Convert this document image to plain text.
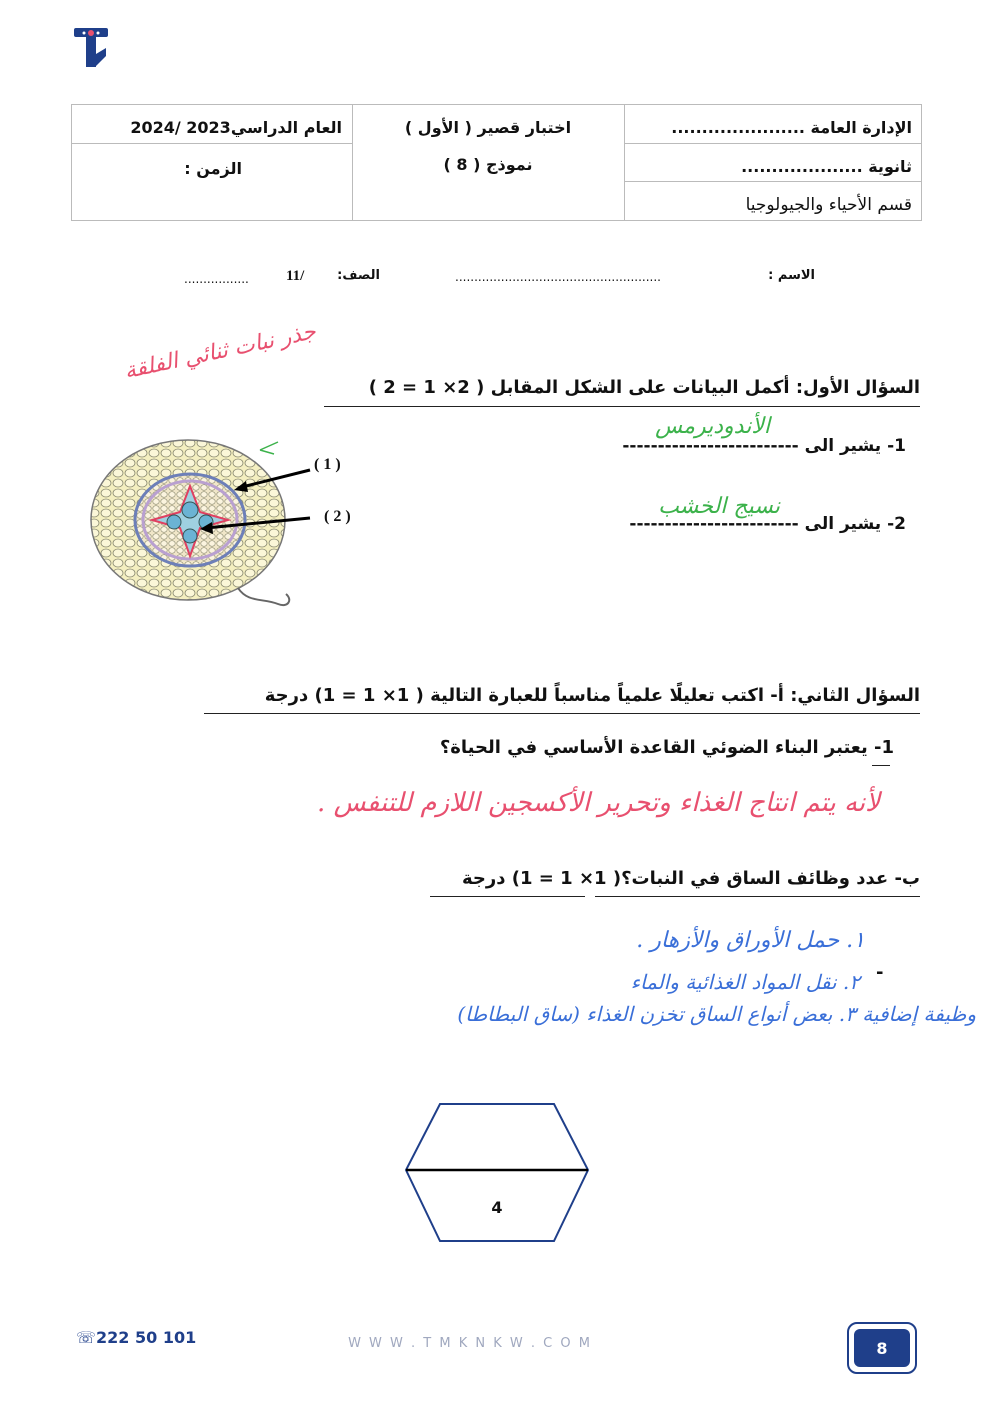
الإدارة العامة ......................
ثانوية ....................
قسم الأحياء والجيولوجيا
اختبار قصير ( الأول )
نموذج ( 8 )
العام الدراسي2023 /2024
الزمن :
الاسم :
......................................................
الصف:
11/
.................
جذر نبات ثنائي الفلقة
السؤال الأول: أكمل البيانات على الشكل المقابل ( 2× 1 = 2 )
الأندوديرمس
1- يشير الى -------------------------
نسيج الخشب
2- يشير الى ------------------------
( 1 )
( 2 )
السؤال الثاني: أ- اكتب تعليلًا علمياً مناسباً للعبارة التالية ( 1× 1 = 1) درجة
1- يعتبر البناء الضوئي القاعدة الأساسي في الحياة؟
لأنه يتم انتاج الغذاء وتحرير الأكسجين اللازم للتنفس .
ب- عدد وظائف الساق في النبات؟( 1× 1 = 1) درجة
١. حمل الأوراق والأزهار .
-
٢. نقل المواد الغذائية والماء
وظيفة إضافية ٣. بعض أنواع الساق تخزن الغذاء (ساق البطاطا)
4
☏222 50 101	W W W . T M K N K W . C O M	8
